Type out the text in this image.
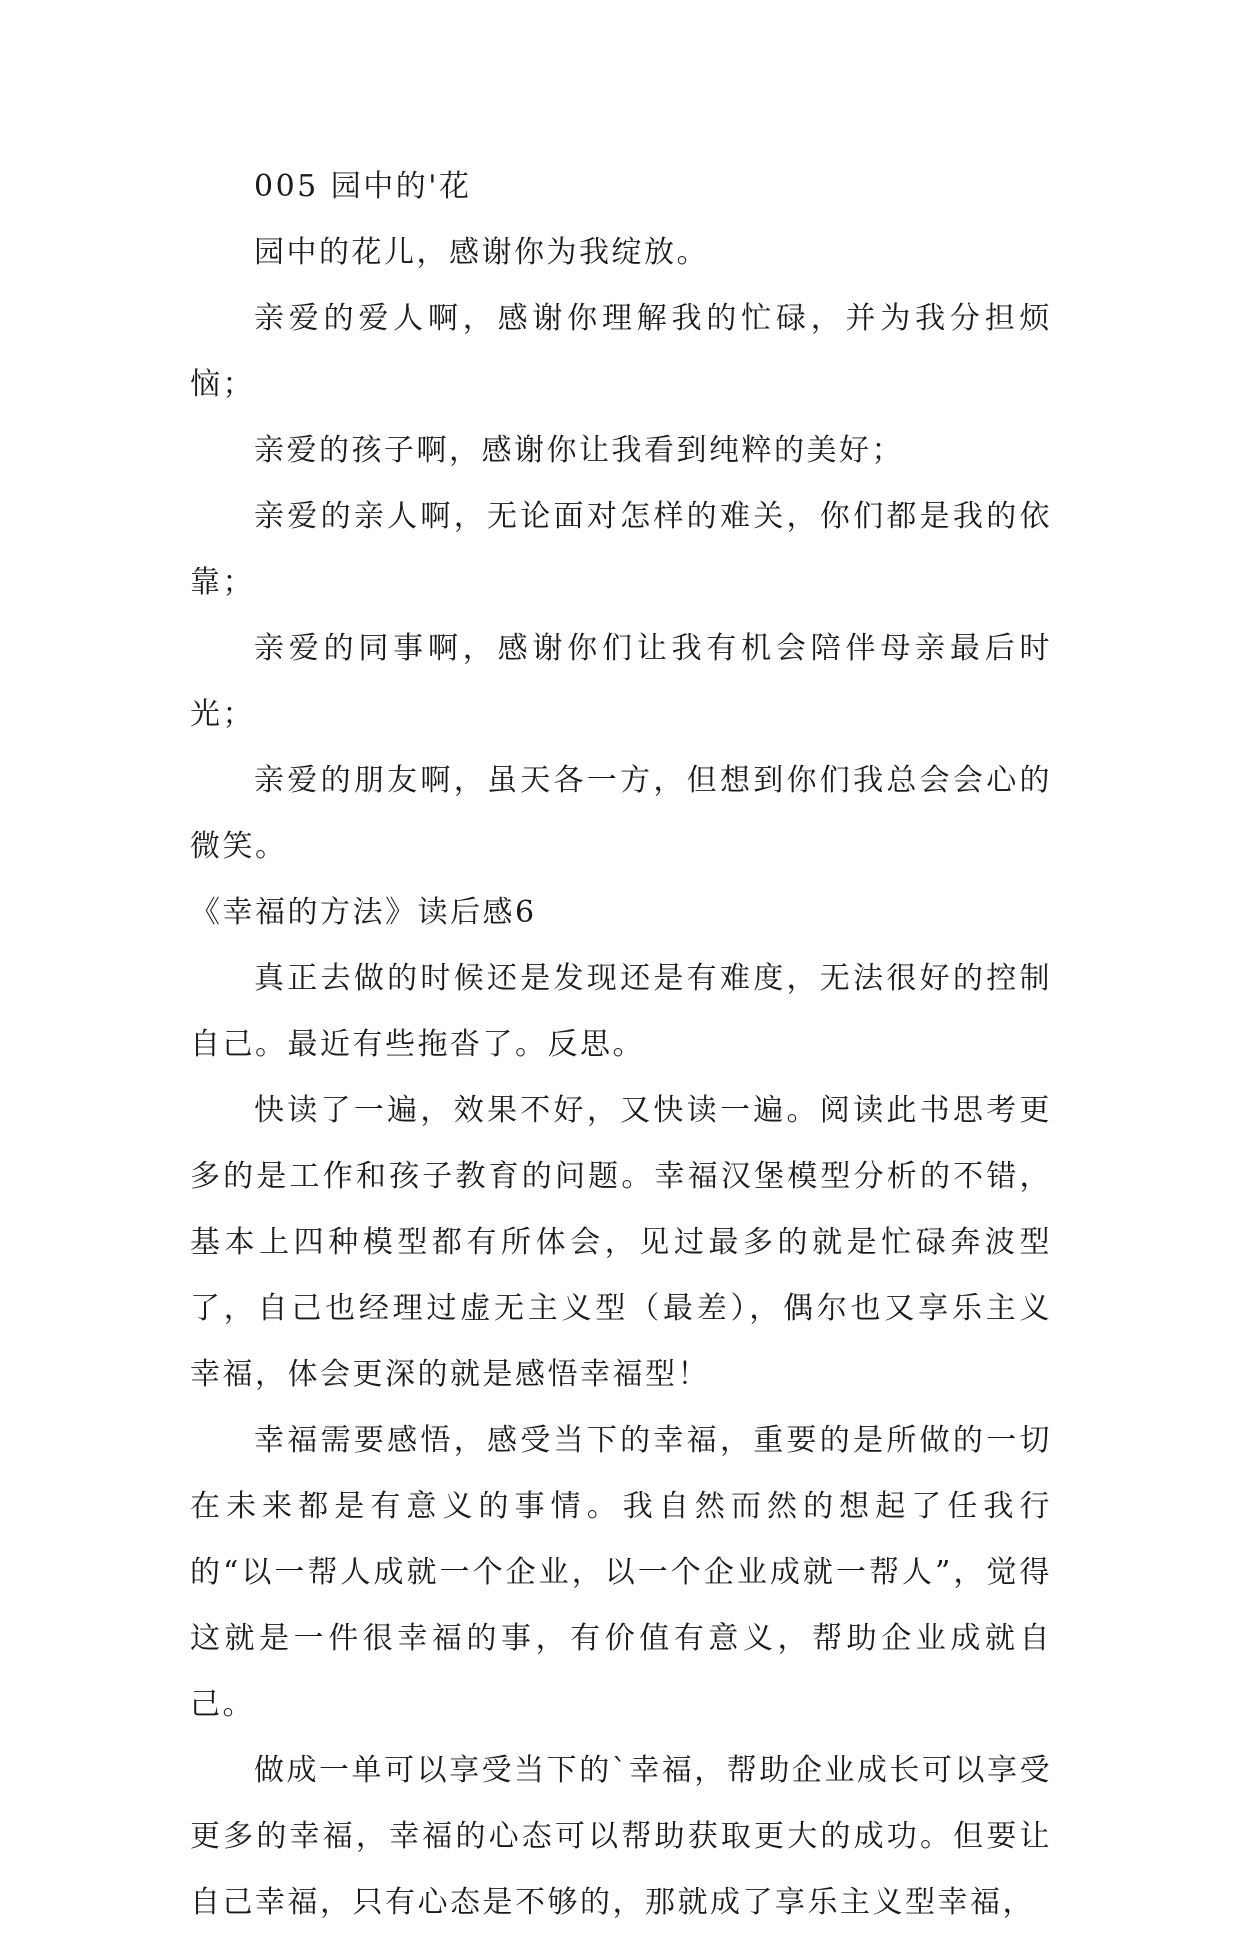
005 园中的'花

园中的花儿，感谢你为我绽放。

亲爱的爱人啊，感谢你理解我的忙碌，并为我分担烦恼；

亲爱的孩子啊，感谢你让我看到纯粹的美好；

亲爱的亲人啊，无论面对怎样的难关，你们都是我的依靠；

亲爱的同事啊，感谢你们让我有机会陪伴母亲最后时光；

亲爱的朋友啊，虽天各一方，但想到你们我总会会心的微笑。

《幸福的方法》读后感6

真正去做的时候还是发现还是有难度，无法很好的控制自己。最近有些拖沓了。反思。

快读了一遍，效果不好，又快读一遍。阅读此书思考更多的是工作和孩子教育的问题。幸福汉堡模型分析的不错，基本上四种模型都有所体会，见过最多的就是忙碌奔波型了，自己也经理过虚无主义型（最差），偶尔也又享乐主义幸福，体会更深的就是感悟幸福型！

幸福需要感悟，感受当下的幸福，重要的是所做的一切在未来都是有意义的事情。我自然而然的想起了任我行的“以一帮人成就一个企业，以一个企业成就一帮人”，觉得这就是一件很幸福的事，有价值有意义，帮助企业成就自己。

做成一单可以享受当下的`幸福，帮助企业成长可以享受更多的幸福，幸福的心态可以帮助获取更大的成功。但要让自己幸福，只有心态是不够的，那就成了享乐主义型幸福，
